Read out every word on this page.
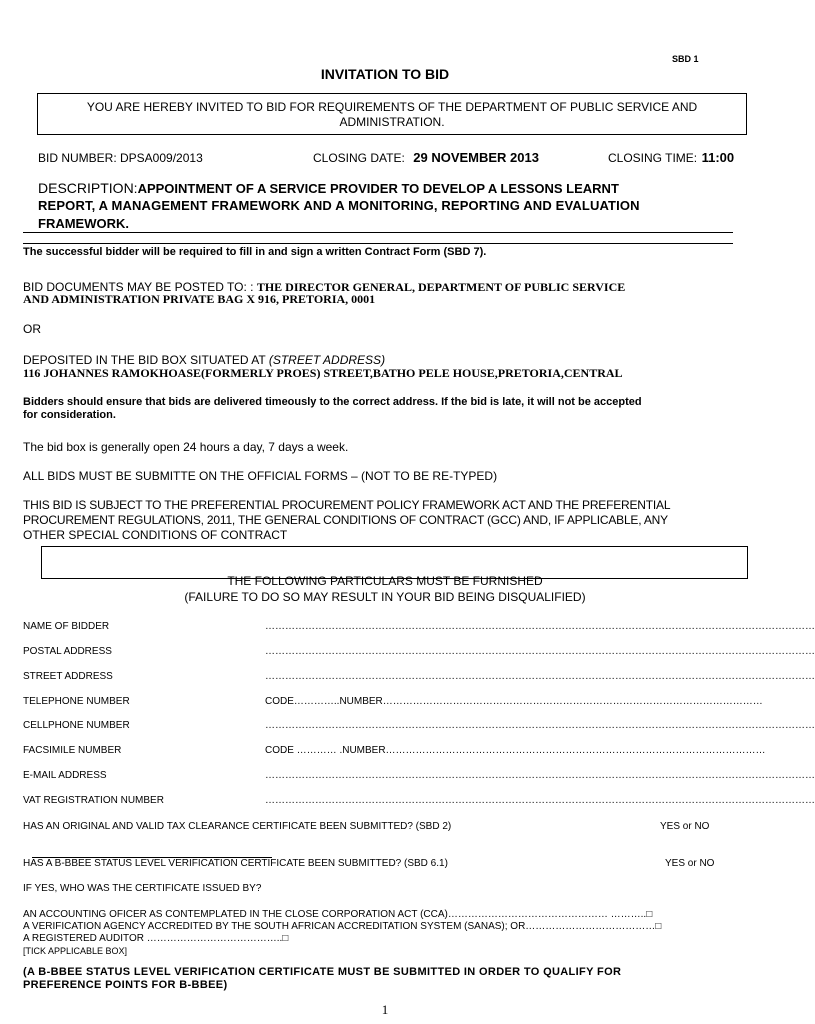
SBD 1
INVITATION TO BID
YOU ARE HEREBY INVITED TO BID FOR REQUIREMENTS OF THE DEPARTMENT OF PUBLIC SERVICE AND ADMINISTRATION.
BID NUMBER: DPSA009/2013	CLOSING DATE: 29 NOVEMBER 2013	CLOSING TIME: 11:00
DESCRIPTION:APPOINTMENT OF A SERVICE PROVIDER TO DEVELOP A LESSONS LEARNT
REPORT, A MANAGEMENT FRAMEWORK AND A MONITORING, REPORTING AND EVALUATION
FRAMEWORK.
The successful bidder will be required to fill in and sign a written Contract Form (SBD 7).
BID DOCUMENTS MAY BE POSTED TO: : THE DIRECTOR GENERAL, DEPARTMENT OF PUBLIC SERVICE
AND ADMINISTRATION PRIVATE BAG X 916, PRETORIA, 0001
OR
DEPOSITED IN THE BID BOX SITUATED AT (STREET ADDRESS)
116 JOHANNES RAMOKHOASE(FORMERLY PROES) STREET,BATHO PELE HOUSE,PRETORIA,CENTRAL
Bidders should ensure that bids are delivered timeously to the correct address. If the bid is late, it will not be accepted
for consideration.
The bid box is generally open 24 hours a day, 7 days a week.
ALL BIDS MUST BE SUBMITTE ON THE OFFICIAL FORMS – (NOT TO BE RE-TYPED)
THIS BID IS SUBJECT TO THE PREFERENTIAL PROCUREMENT POLICY FRAMEWORK ACT AND THE PREFERENTIAL
PROCUREMENT REGULATIONS, 2011, THE GENERAL CONDITIONS OF CONTRACT (GCC) AND, IF APPLICABLE, ANY
OTHER SPECIAL CONDITIONS OF CONTRACT
THE FOLLOWING PARTICULARS MUST BE FURNISHED
(FAILURE TO DO SO MAY RESULT IN YOUR BID BEING DISQUALIFIED)
NAME OF BIDDER	…………………………………………………………………………………………………………………………………………………
POSTAL ADDRESS	…………………………………………………………………………………………………………………………………………………
STREET ADDRESS	…………………………………………………………………………………………………………………………………………………
TELEPHONE NUMBER	CODE…………..NUMBER……………………………………………………………………………………………………
CELLPHONE NUMBER	…………………………………………………………………………………………………………………………………………………
FACSIMILE NUMBER	CODE ………… .NUMBER……………………………………………………………………………………………………
E-MAIL ADDRESS	…………………………………………………………………………………………………………………………………………………
VAT REGISTRATION NUMBER	…………………………………………………………………………………………………………………………………………………
HAS AN ORIGINAL AND VALID TAX CLEARANCE CERTIFICATE BEEN SUBMITTED? (SBD 2)	YES or NO
HAS A B-BBEE STATUS LEVEL VERIFICATION CERTIFICATE BEEN SUBMITTED? (SBD 6.1)	YES or NO
IF YES, WHO WAS THE CERTIFICATE ISSUED BY?
AN ACCOUNTING OFICER AS CONTEMPLATED IN THE CLOSE CORPORATION ACT (CCA)………………………………………… ………..□
A VERIFICATION AGENCY ACCREDITED BY THE SOUTH AFRICAN ACCREDITATION SYSTEM (SANAS); OR…………………………………□
A REGISTERED AUDITOR …………………………………..□
[TICK APPLICABLE BOX]
(A B-BBEE STATUS LEVEL VERIFICATION CERTIFICATE MUST BE SUBMITTED IN ORDER TO QUALIFY FOR
PREFERENCE POINTS FOR B-BBEE)
1
